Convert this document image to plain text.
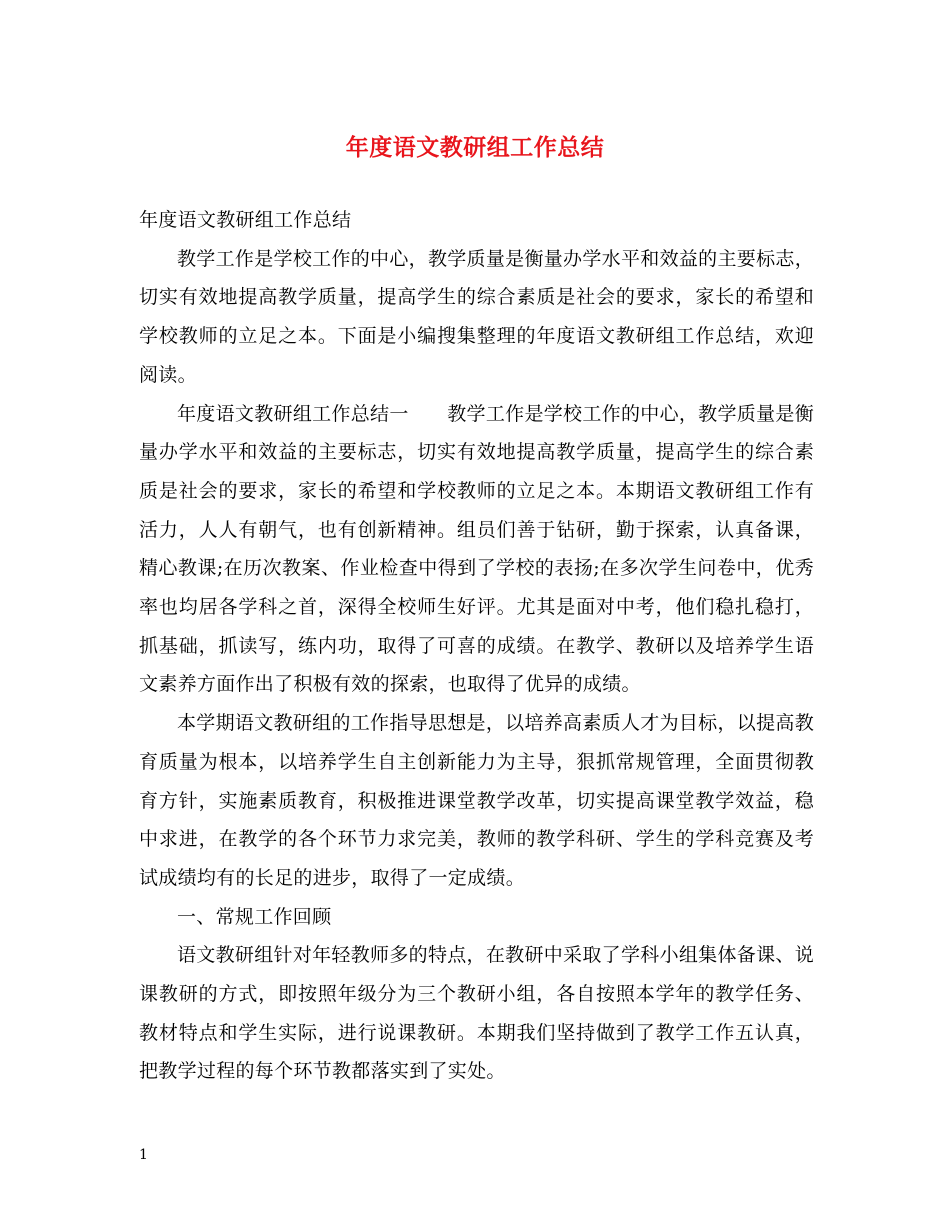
年度语文教研组工作总结

年度语文教研组工作总结

教学工作是学校工作的中心，教学质量是衡量办学水平和效益的主要标志，切实有效地提高教学质量，提高学生的综合素质是社会的要求，家长的希望和学校教师的立足之本。下面是小编搜集整理的年度语文教研组工作总结，欢迎阅读。

年度语文教研组工作总结一　　教学工作是学校工作的中心，教学质量是衡量办学水平和效益的主要标志，切实有效地提高教学质量，提高学生的综合素质是社会的要求，家长的希望和学校教师的立足之本。本期语文教研组工作有活力，人人有朝气，也有创新精神。组员们善于钻研，勤于探索，认真备课，精心教课;在历次教案、作业检查中得到了学校的表扬;在多次学生问卷中，优秀率也均居各学科之首，深得全校师生好评。尤其是面对中考，他们稳扎稳打，抓基础，抓读写，练内功，取得了可喜的成绩。在教学、教研以及培养学生语文素养方面作出了积极有效的探索，也取得了优异的成绩。

本学期语文教研组的工作指导思想是，以培养高素质人才为目标，以提高教育质量为根本，以培养学生自主创新能力为主导，狠抓常规管理，全面贯彻教育方针，实施素质教育，积极推进课堂教学改革，切实提高课堂教学效益，稳中求进，在教学的各个环节力求完美，教师的教学科研、学生的学科竞赛及考试成绩均有的长足的进步，取得了一定成绩。

一、常规工作回顾

语文教研组针对年轻教师多的特点，在教研中采取了学科小组集体备课、说课教研的方式，即按照年级分为三个教研小组，各自按照本学年的教学任务、教材特点和学生实际，进行说课教研。本期我们坚持做到了教学工作五认真，把教学过程的每个环节教都落实到了实处。

1
